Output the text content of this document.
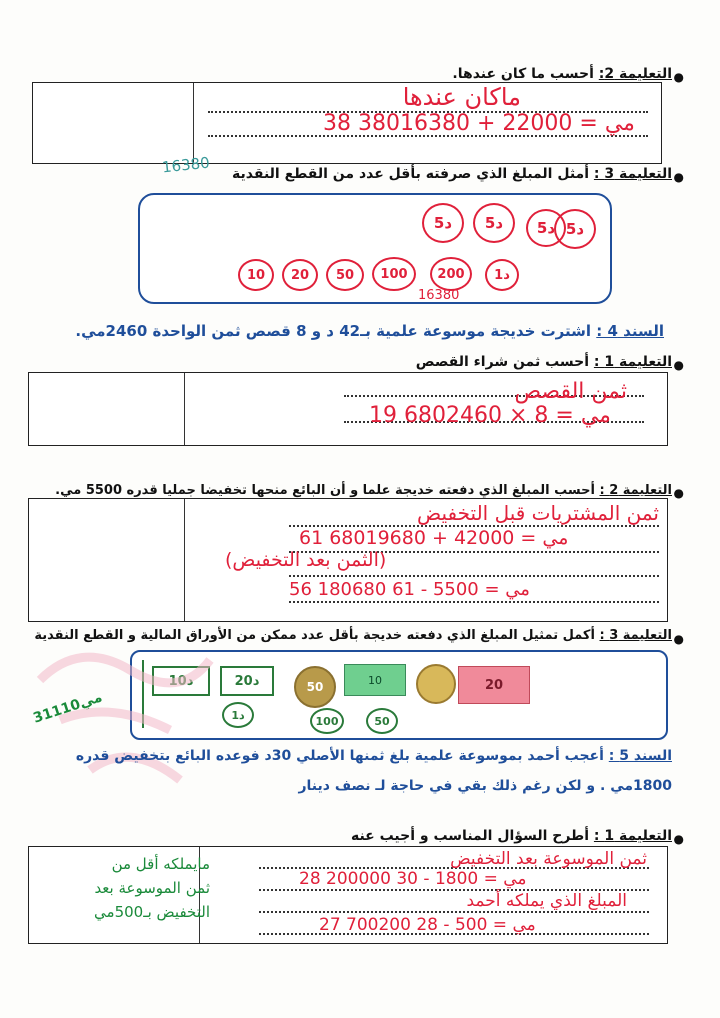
التعليمة 2: أحسب ما كان عندها.	●
ماكان عندها
38 380مي = 22000 + 16380
التعليمة 3 : أمثل المبلغ الذي صرفته بأقل عدد من القطع النقدية	●
16380
5د	5د	5د 5د
1د
200
100
50
20
10
16380
السند 4 : اشترت خديجة موسوعة علمية بـ42 د و 8 قصص ثمن الواحدة 2460مي.
التعليمة 1 : أحسب ثمن شراء القصص	●
ثمن القصص
19 680مي = 8 × 2460
التعليمة 2 : أحسب المبلغ الذي دفعته خديجة علما و أن البائع منحها تخفيضا جمليا قدره 5500 مي.	●
ثمن المشتريات قبل التخفيض
61 680مي = 42000 + 19680
(الثمن بعد التخفيض)
56 180مي = 5500 - 61 680
التعليمة 3 : أكمل تمثيل المبلغ الذي دفعته خديجة بأقل عدد ممكن من الأوراق المالية و القطع النقدية	●
10د	20د
1د
50	10	20
100	50
31110مي
السند 5 : أعجب أحمد بموسوعة علمية بلغ ثمنها الأصلي 30د فوعده البائع بتخفيض قدره
1800مي . و لكن رغم ذلك بقي في حاجة لـ نصف دينار
التعليمة 1 : أطرح السؤال المناسب و أجيب عنه	●
ثمن الموسوعة بعد التخفيض
28 200مي = 1800 - 30 000
المبلغ الذي يملكه أحمد
27 700مي = 500 - 28 200
مايملكه أقل من
ثمن الموسوعة بعد
التخفيض بـ500مي
